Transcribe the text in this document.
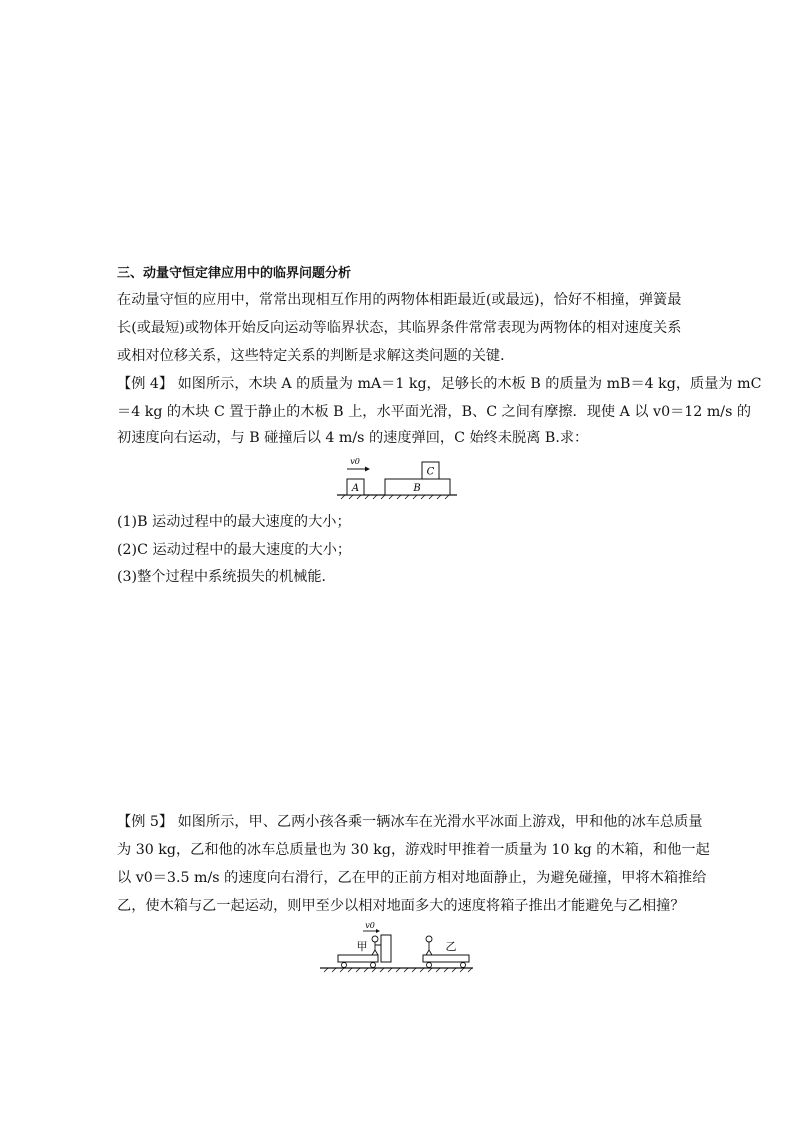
三、动量守恒定律应用中的临界问题分析
在动量守恒的应用中，常常出现相互作用的两物体相距最近(或最远)，恰好不相撞，弹簧最
长(或最短)或物体开始反向运动等临界状态，其临界条件常常表现为两物体的相对速度关系
或相对位移关系，这些特定关系的判断是求解这类问题的关键．
【例 4】 如图所示，木块 A 的质量为 mA＝1 kg，足够长的木板 B 的质量为 mB＝4 kg，质量为 mC
＝4 kg 的木块 C 置于静止的木板 B 上，水平面光滑，B、C 之间有摩擦．现使 A 以 v0＝12 m/s 的
初速度向右运动，与 B 碰撞后以 4 m/s 的速度弹回，C 始终未脱离 B.求：
A
v0
B
C
(1)B 运动过程中的最大速度的大小；
(2)C 运动过程中的最大速度的大小；
(3)整个过程中系统损失的机械能．
【例 5】 如图所示，甲、乙两小孩各乘一辆冰车在光滑水平冰面上游戏，甲和他的冰车总质量
为 30 kg，乙和他的冰车总质量也为 30 kg，游戏时甲推着一质量为 10 kg 的木箱，和他一起
以 v0＝3.5 m/s 的速度向右滑行，乙在甲的正前方相对地面静止，为避免碰撞，甲将木箱推给
乙，使木箱与乙一起运动，则甲至少以相对地面多大的速度将箱子推出才能避免与乙相撞？
甲
v0
乙
